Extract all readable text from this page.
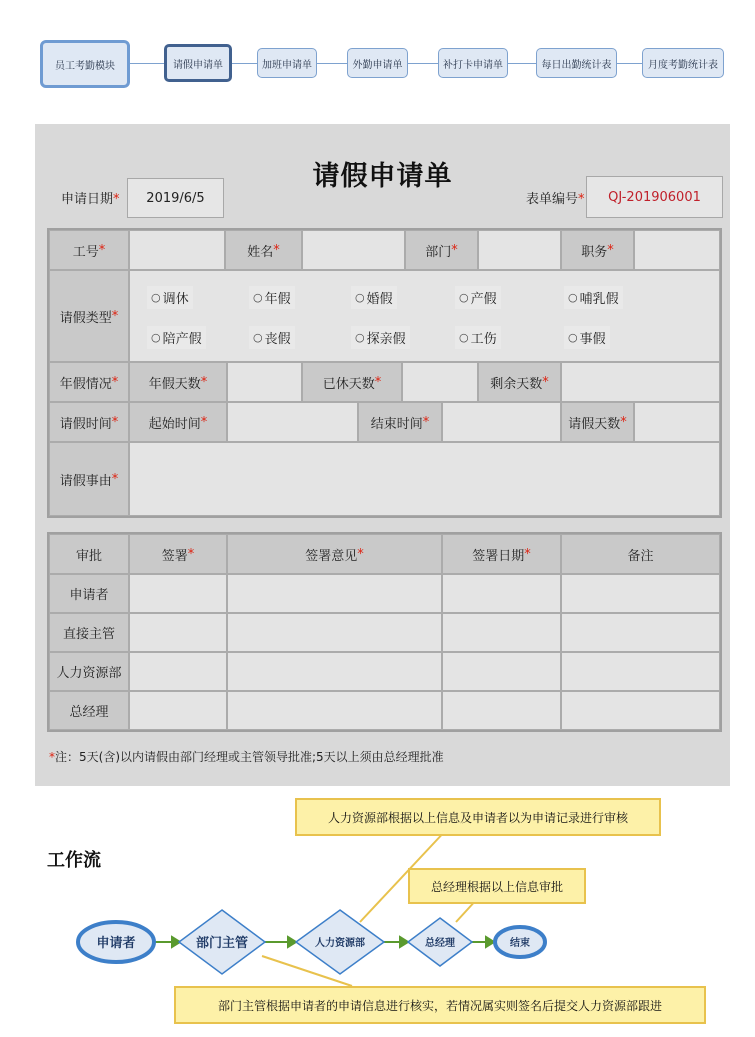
员工考勤模块	请假申请单	加班申请单	外勤申请单	补打卡申请单	每日出勤统计表	月度考勤统计表
请假申请单
申请日期* 2019/6/5	表单编号* QJ-201906001
工号 *	姓名 *	部门 *	职务 *
请假类型 *
○ 调休	○ 年假	○ 婚假	○ 产假	○ 哺乳假
○ 陪产假	○ 丧假	○ 探亲假	○ 工伤	○ 事假
年假情况 * 年假天数 *	已休天数 *	剩余天数 *
请假时间 * 起始时间 *	结束时间 *	请假天数 *
请假事由 *
审批	签署 *	签署意见 *	签署日期 *	备注
申请者
直接主管
人力资源部
总经理
*注：5天(含)以内请假由部门经理或主管领导批准;5天以上须由总经理批准
工作流
申请者	部门主管	人力资源部	总经理	结束
人力资源部根据以上信息及申请者以为申请记录进行审核
总经理根据以上信息审批
部门主管根据申请者的申请信息进行核实，若情况属实则签名后提交人力资源部跟进
